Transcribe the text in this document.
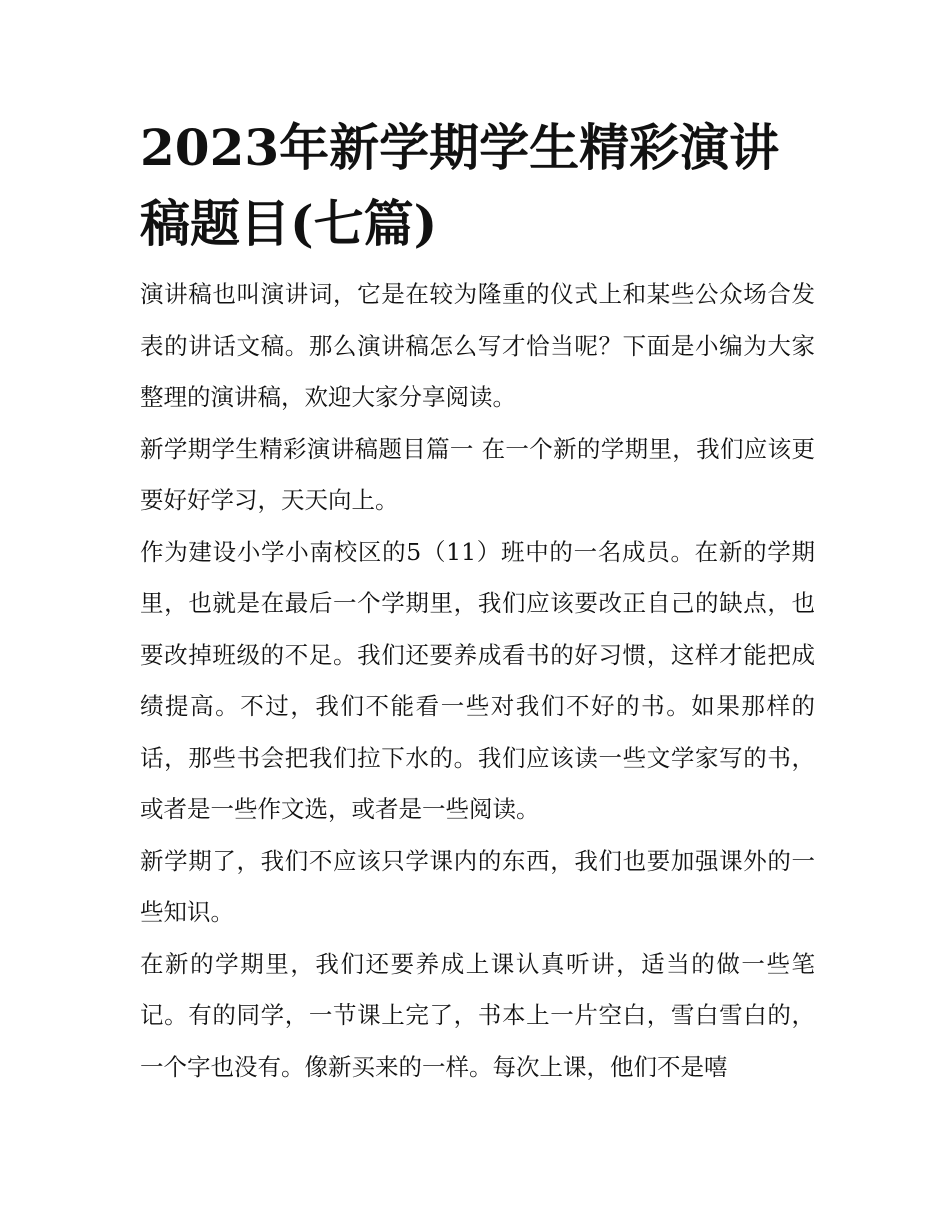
2023年新学期学生精彩演讲稿题目(七篇)

演讲稿也叫演讲词，它是在较为隆重的仪式上和某些公众场合发表的讲话文稿。那么演讲稿怎么写才恰当呢？下面是小编为大家整理的演讲稿，欢迎大家分享阅读。

新学期学生精彩演讲稿题目篇一 在一个新的学期里，我们应该更要好好学习，天天向上。

作为建设小学小南校区的5（11）班中的一名成员。在新的学期里，也就是在最后一个学期里，我们应该要改正自己的缺点，也要改掉班级的不足。我们还要养成看书的好习惯，这样才能把成绩提高。不过，我们不能看一些对我们不好的书。如果那样的话，那些书会把我们拉下水的。我们应该读一些文学家写的书，或者是一些作文选，或者是一些阅读。

新学期了，我们不应该只学课内的东西，我们也要加强课外的一些知识。

在新的学期里，我们还要养成上课认真听讲，适当的做一些笔记。有的同学，一节课上完了，书本上一片空白，雪白雪白的，一个字也没有。像新买来的一样。每次上课，他们不是嘻
